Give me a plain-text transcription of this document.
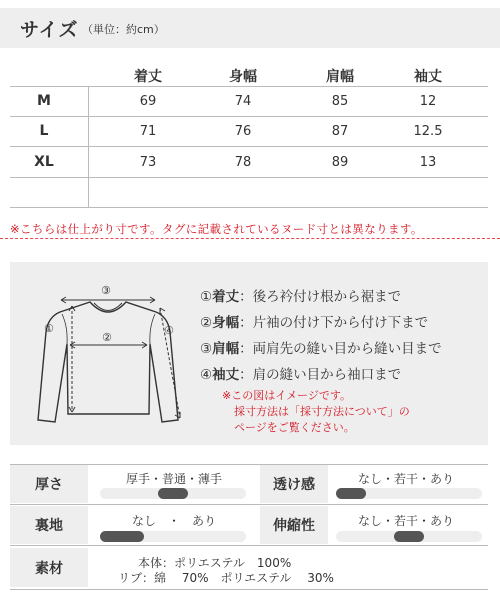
サイズ （単位：約cm）
着丈	身幅	肩幅	袖丈
M	69	74	85	12
L	71	76	87	12.5
XL	73	78	89	13
※こちらは仕上がり寸です。タグに記載されているヌード寸とは異なります。
③
②
①	④
①着丈：後ろ衿付け根から裾まで
②身幅：片袖の付け下から付け下まで
③肩幅：両肩先の縫い目から縫い目まで
④袖丈：肩の縫い目から袖口まで
※この図はイメージです。
採寸方法は「採寸方法について」の
ページをご覧ください。
厚さ	厚手・普通・薄手	透け感	なし・若干・あり
裏地	なし　・　あり	伸縮性	なし・若干・あり
素材	本体：ポリエステル　100%
リブ：綿　 70%　ポリエステル　 30%
